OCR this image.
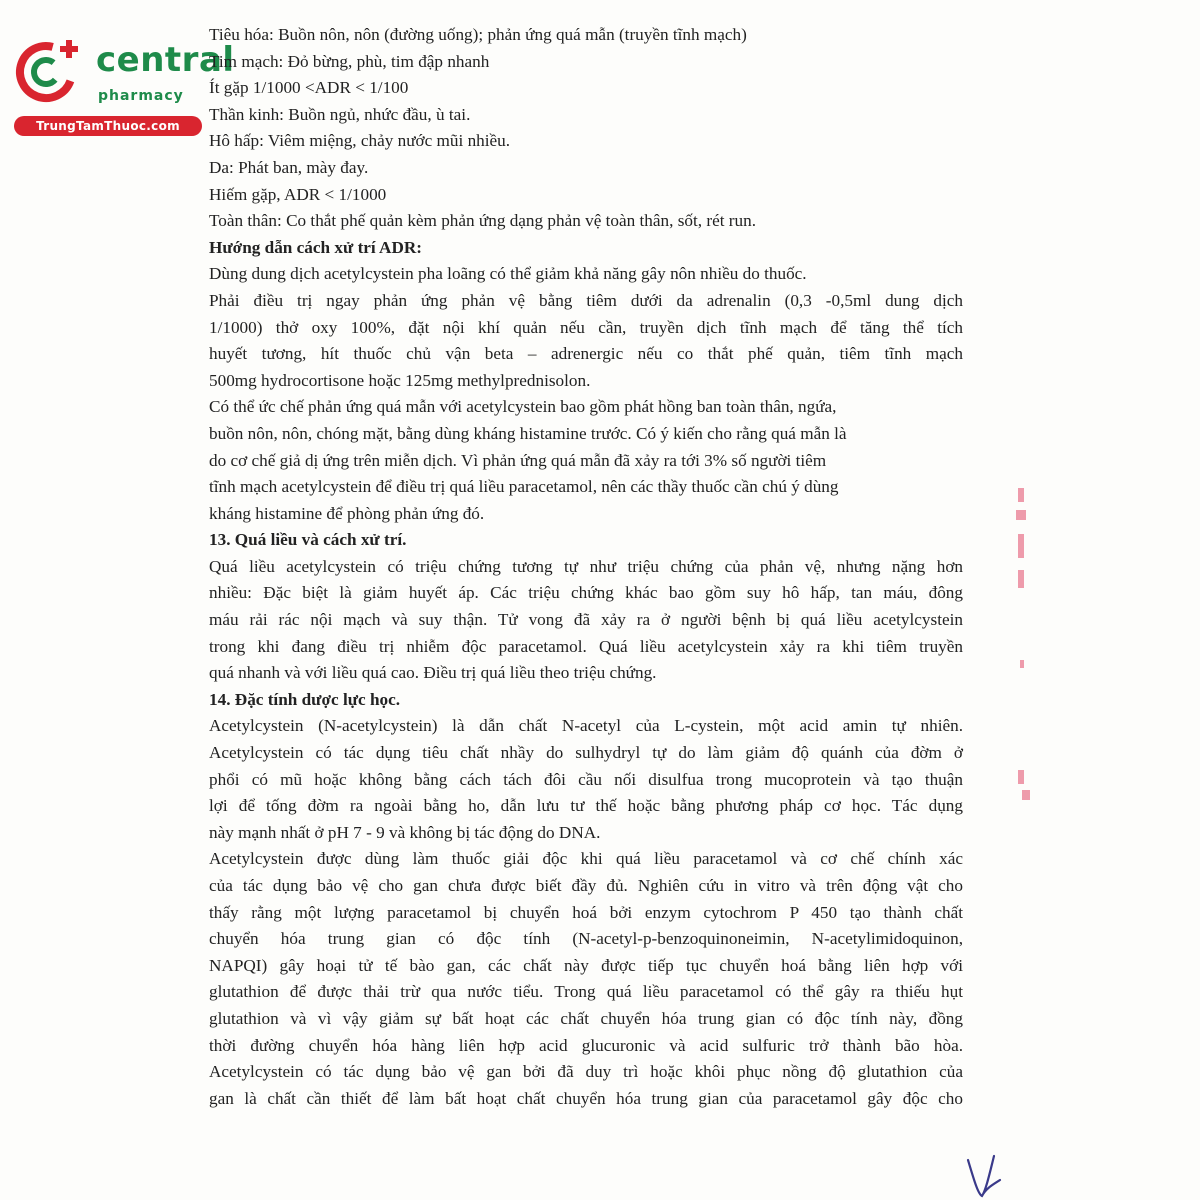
central
pharmacy
TrungTamThuoc.com
Tiêu hóa: Buồn nôn, nôn (đường uống); phản ứng quá mẫn (truyền tĩnh mạch)
Tim mạch: Đỏ bừng, phù, tim đập nhanh
Ít gặp 1/1000 <ADR < 1/100
Thần kinh: Buồn ngủ, nhức đầu, ù tai.
Hô hấp: Viêm miệng, chảy nước mũi nhiều.
Da: Phát ban, mày đay.
Hiếm gặp, ADR < 1/1000
Toàn thân: Co thắt phế quản kèm phản ứng dạng phản vệ toàn thân, sốt, rét run.
Hướng dẫn cách xử trí ADR:
Dùng dung dịch acetylcystein pha loãng có thể giảm khả năng gây nôn nhiều do thuốc.
Phải điều trị ngay phản ứng phản vệ bằng tiêm dưới da adrenalin (0,3 -0,5ml dung dịch
1/1000) thở oxy 100%, đặt nội khí quản nếu cần, truyền dịch tĩnh mạch để tăng thể tích
huyết tương, hít thuốc chủ vận beta – adrenergic nếu co thắt phế quản, tiêm tĩnh mạch
500mg hydrocortisone hoặc 125mg methylprednisolon.
Có thể ức chế phản ứng quá mẫn với acetylcystein bao gồm phát hồng ban toàn thân, ngứa,
buồn nôn, nôn, chóng mặt, bằng dùng kháng histamine trước. Có ý kiến cho rằng quá mẫn là
do cơ chế giả dị ứng trên miễn dịch. Vì phản ứng quá mẫn đã xảy ra tới 3% số người tiêm
tĩnh mạch acetylcystein để điều trị quá liều paracetamol, nên các thầy thuốc cần chú ý dùng
kháng histamine để phòng phản ứng đó.
13. Quá liều và cách xử trí.
Quá liều acetylcystein có triệu chứng tương tự như triệu chứng của phản vệ, nhưng nặng hơn
nhiều: Đặc biệt là giảm huyết áp. Các triệu chứng khác bao gồm suy hô hấp, tan máu, đông
máu rải rác nội mạch và suy thận. Tử vong đã xảy ra ở người bệnh bị quá liều acetylcystein
trong khi đang điều trị nhiễm độc paracetamol. Quá liều acetylcystein xảy ra khi tiêm truyền
quá nhanh và với liều quá cao. Điều trị quá liều theo triệu chứng.
14. Đặc tính dược lực học.
Acetylcystein (N-acetylcystein) là dẫn chất N-acetyl của L-cystein, một acid amin tự nhiên.
Acetylcystein có tác dụng tiêu chất nhầy do sulhydryl tự do làm giảm độ quánh của đờm ở
phổi có mũ hoặc không bằng cách tách đôi cầu nối disulfua trong mucoprotein và tạo thuận
lợi để tống đờm ra ngoài bằng ho, dẫn lưu tư thế hoặc bằng phương pháp cơ học. Tác dụng
này mạnh nhất ở pH 7 - 9 và không bị tác động do DNA.
Acetylcystein được dùng làm thuốc giải độc khi quá liều paracetamol và cơ chế chính xác
của tác dụng bảo vệ cho gan chưa được biết đầy đủ. Nghiên cứu in vitro và trên động vật cho
thấy rằng một lượng paracetamol bị chuyển hoá bởi enzym cytochrom P 450 tạo thành chất
chuyển hóa trung gian có độc tính (N-acetyl-p-benzoquinoneimin, N-acetylimidoquinon,
NAPQI) gây hoại tử tế bào gan, các chất này được tiếp tục chuyển hoá bằng liên hợp với
glutathion để được thải trừ qua nước tiểu. Trong quá liều paracetamol có thể gây ra thiếu hụt
glutathion và vì vậy giảm sự bất hoạt các chất chuyển hóa trung gian có độc tính này, đồng
thời đường chuyển hóa hàng liên hợp acid glucuronic và acid sulfuric trở thành bão hòa.
Acetylcystein có tác dụng bảo vệ gan bởi đã duy trì hoặc khôi phục nồng độ glutathion của
gan là chất cần thiết để làm bất hoạt chất chuyển hóa trung gian của paracetamol gây độc cho
